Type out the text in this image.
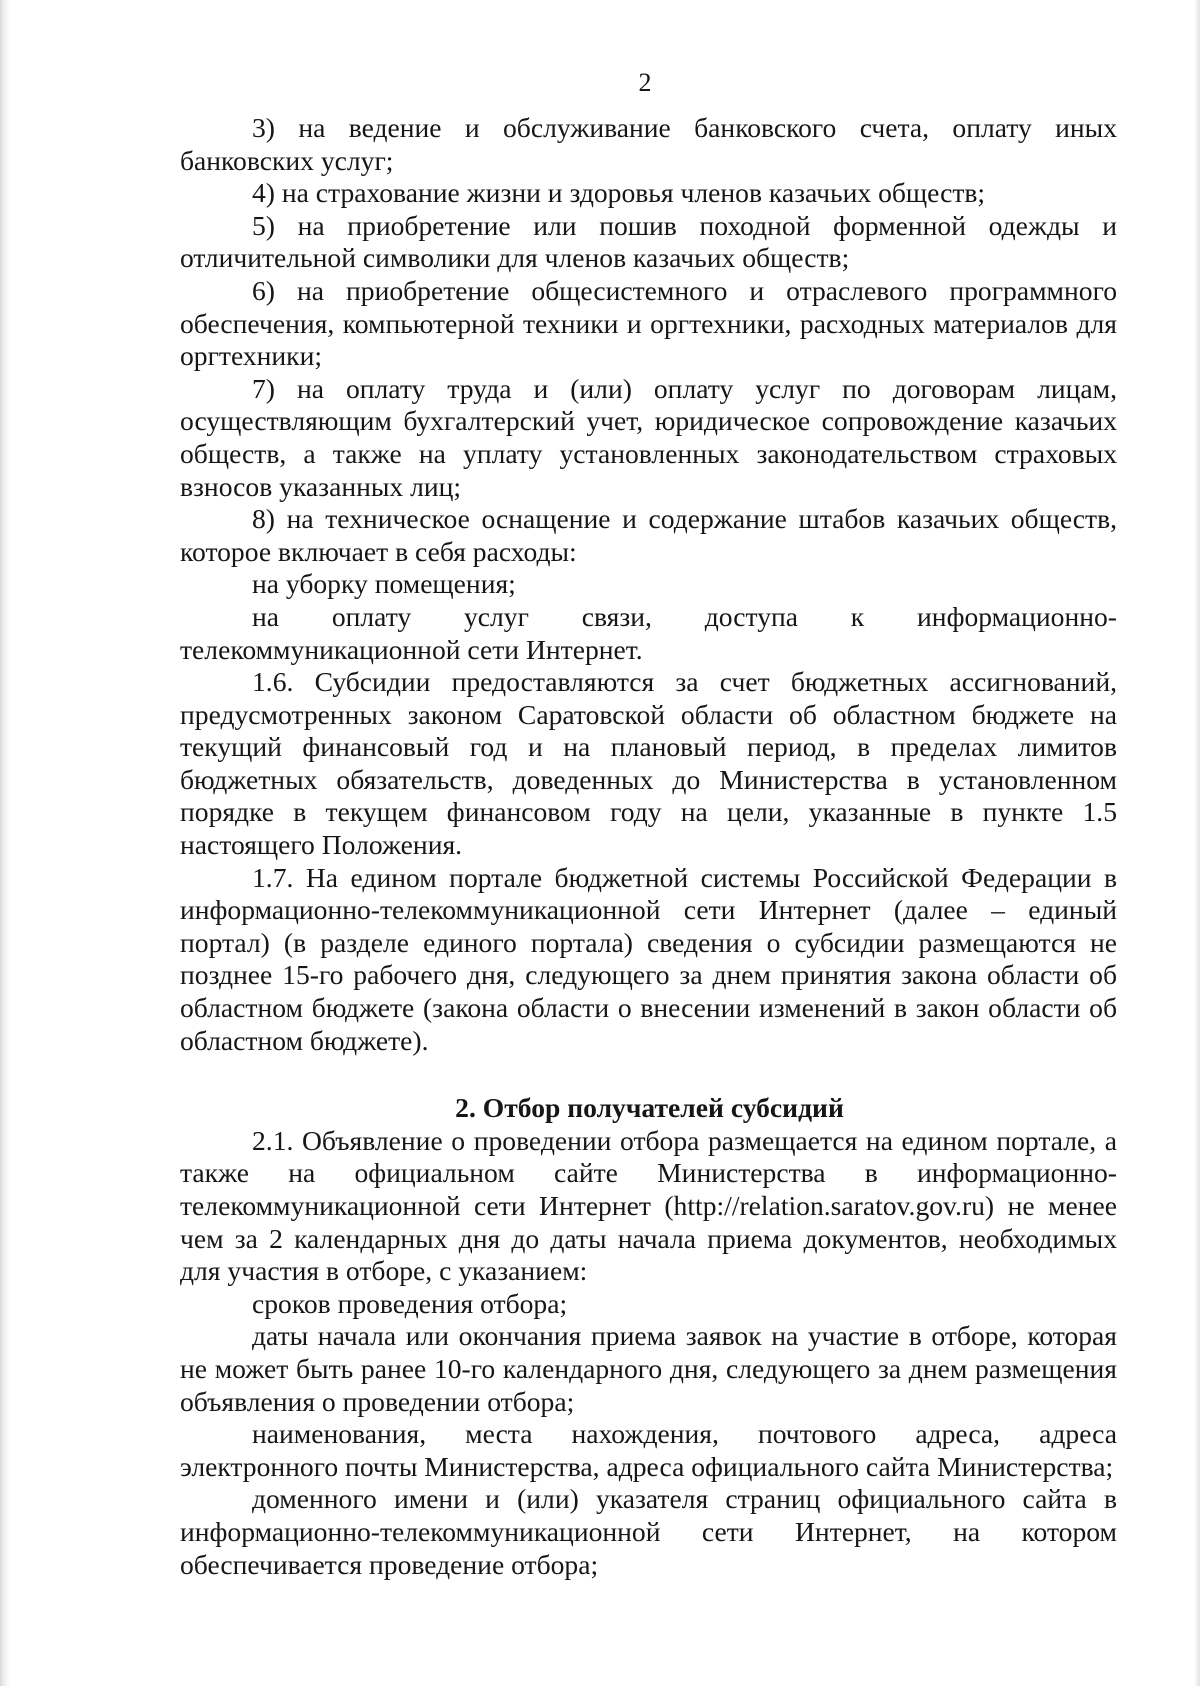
2

3) на ведение и обслуживание банковского счета, оплату иных банковских услуг;

4) на страхование жизни и здоровья членов казачьих обществ;

5) на приобретение или пошив походной форменной одежды и отличительной символики для членов казачьих обществ;

6) на приобретение общесистемного и отраслевого программного обеспечения, компьютерной техники и оргтехники, расходных материалов для оргтехники;

7) на оплату труда и (или) оплату услуг по договорам лицам, осуществляющим бухгалтерский учет, юридическое сопровождение казачьих обществ, а также на уплату установленных законодательством страховых взносов указанных лиц;

8) на техническое оснащение и содержание штабов казачьих обществ, которое включает в себя расходы:

на уборку помещения;

на оплату услуг связи, доступа к информационно-телекоммуникационной сети Интернет.

1.6. Субсидии предоставляются за счет бюджетных ассигнований, предусмотренных законом Саратовской области об областном бюджете на текущий финансовый год и на плановый период, в пределах лимитов бюджетных обязательств, доведенных до Министерства в установленном порядке в текущем финансовом году на цели, указанные в пункте 1.5 настоящего Положения.

1.7. На едином портале бюджетной системы Российской Федерации в информационно-телекоммуникационной сети Интернет (далее – единый портал) (в разделе единого портала) сведения о субсидии размещаются не позднее 15-го рабочего дня, следующего за днем принятия закона области об областном бюджете (закона области о внесении изменений в закон области об областном бюджете).

2. Отбор получателей субсидий

2.1. Объявление о проведении отбора размещается на едином портале, а также на официальном сайте Министерства в информационно-телекоммуникационной сети Интернет (http://relation.saratov.gov.ru) не менее чем за 2 календарных дня до даты начала приема документов, необходимых для участия в отборе, с указанием:

сроков проведения отбора;

даты начала или окончания приема заявок на участие в отборе, которая не может быть ранее 10-го календарного дня, следующего за днем размещения объявления о проведении отбора;

наименования, места нахождения, почтового адреса, адреса электронного почты Министерства, адреса официального сайта Министерства;

доменного имени и (или) указателя страниц официального сайта в информационно-телекоммуникационной сети Интернет, на котором обеспечивается проведение отбора;
